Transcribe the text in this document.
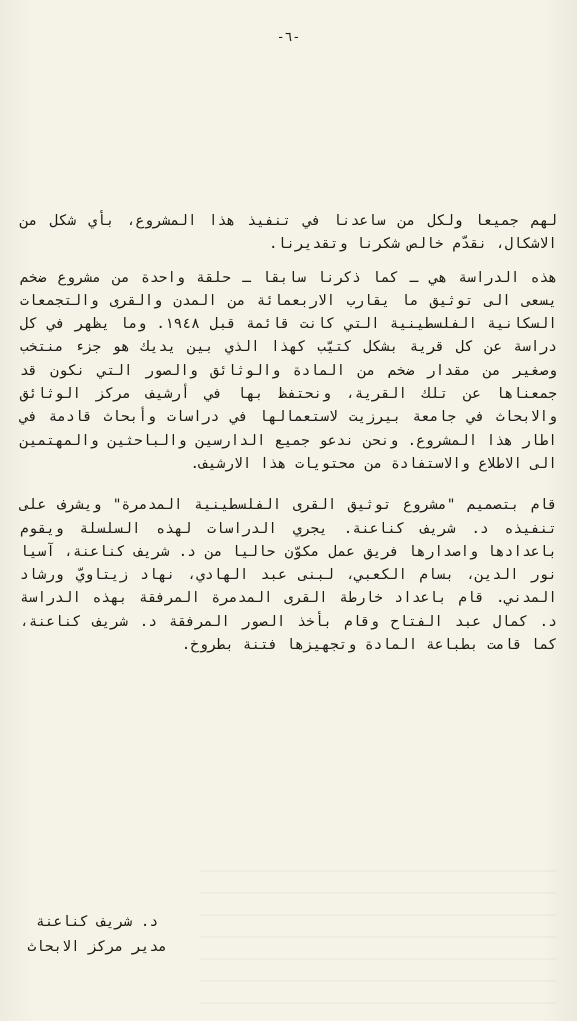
-٦-

لهم جميعا ولكل من ساعدنا في تنفيذ هذا المشروع، بأي شكل من الاشكال، نقدّم خالص شكرنا وتقديرنا.

هذه الدراسة هي ـ كما ذكرنا سابقا ـ حلقة واحدة من مشروع ضخم يسعى الى توثيق ما يقارب الاربعمائة من المدن والقرى والتجمعات السكانية الفلسطينية التي كانت قائمة قبل ١٩٤٨. وما يظهر في كل دراسة عن كل قرية بشكل كتيّب كهذا الذي بين يديك هو جزء منتخب وصغير من مقدار ضخم من المادة والوثائق والصور التي نكون قد جمعناها عن تلك القرية، ونحتفظ بها في أرشيف مركز الوثائق والابحاث في جامعة بيرزيت لاستعمالها في دراسات وأبحاث قادمة في اطار هذا المشروع. ونحن ندعو جميع الدارسين والباحثين والمهتمين الى الاطلاع والاستفادة من محتويات هذا الارشيف.

قام بتصميم "مشروع توثيق القرى الفلسطينية المدمرة" ويشرف على تنفيذه د. شريف كناعنة. يجري الدراسات لهذه السلسلة ويقوم باعدادها واصدارها فريق عمل مكوّن حاليا من د. شريف كناعنة، آسيا نور الدين، بسام الكعبي، لبنى عبد الهادي، نهاد زيتاويّ ورشاد المدني. قام باعداد خارطة القرى المدمرة المرفقة بهذه الدراسة د. كمال عبد الفتاح وقام بأخذ الصور المرفقة د. شريف كناعنة، كما قامت بطباعة المادة وتجهيزها فتنة بطروخ.

د. شريف كناعنة
مدير مركز الابحاث
